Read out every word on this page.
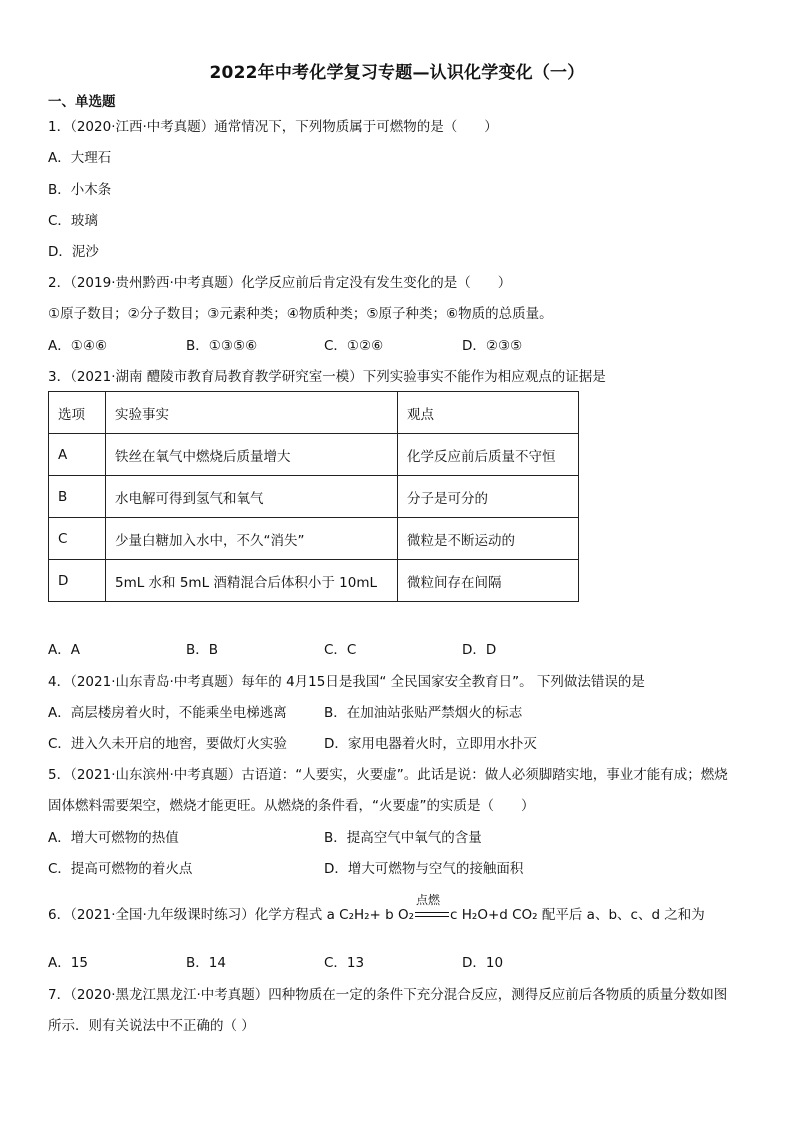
2022年中考化学复习专题—认识化学变化（一）
一、单选题
1．（2020·江西·中考真题）通常情况下，下列物质属于可燃物的是（　　）
A．大理石
B．小木条
C．玻璃
D．泥沙
2．（2019·贵州黔西·中考真题）化学反应前后肯定没有发生变化的是（　　）
①原子数目；②分子数目；③元素种类；④物质种类；⑤原子种类；⑥物质的总质量。
A．①④⑥	B．①③⑤⑥	C．①②⑥	D．②③⑤
3．（2021·湖南 醴陵市教育局教育教学研究室一模）下列实验事实不能作为相应观点的证据是
选项	实验事实	观点
A	铁丝在氧气中燃烧后质量增大	化学反应前后质量不守恒
B	水电解可得到氢气和氧气	分子是可分的
C	少量白糖加入水中，不久“消失”	微粒是不断运动的
D	5mL 水和 5mL 酒精混合后体积小于 10mL	微粒间存在间隔
A．A	B．B	C．C	D．D
4．（2021·山东青岛·中考真题）每年的 4月15日是我国“ 全民国家安全教育日”。 下列做法错误的是
A．高层楼房着火时，不能乘坐电梯逃离	B．在加油站张贴严禁烟火的标志
C．进入久未开启的地窖，要做灯火实验	D．家用电器着火时，立即用水扑灭
5．（2021·山东滨州·中考真题）古语道：“人要实，火要虚”。此话是说：做人必须脚踏实地，事业才能有成；燃烧
固体燃料需要架空，燃烧才能更旺。从燃烧的条件看，“火要虚”的实质是（　　）
A．增大可燃物的热值	B．提高空气中氧气的含量
C．提高可燃物的着火点	D．增大可燃物与空气的接触面积
6．（2021·全国·九年级课时练习）化学方程式 a C₂H₂+ b O₂
点燃
c H₂O+d CO₂ 配平后 a、b、c、d 之和为
A．15	B．14	C．13	D．10
7．（2020·黑龙江黑龙江·中考真题）四种物质在一定的条件下充分混合反应，测得反应前后各物质的质量分数如图
所示．则有关说法中不正确的（ ）
